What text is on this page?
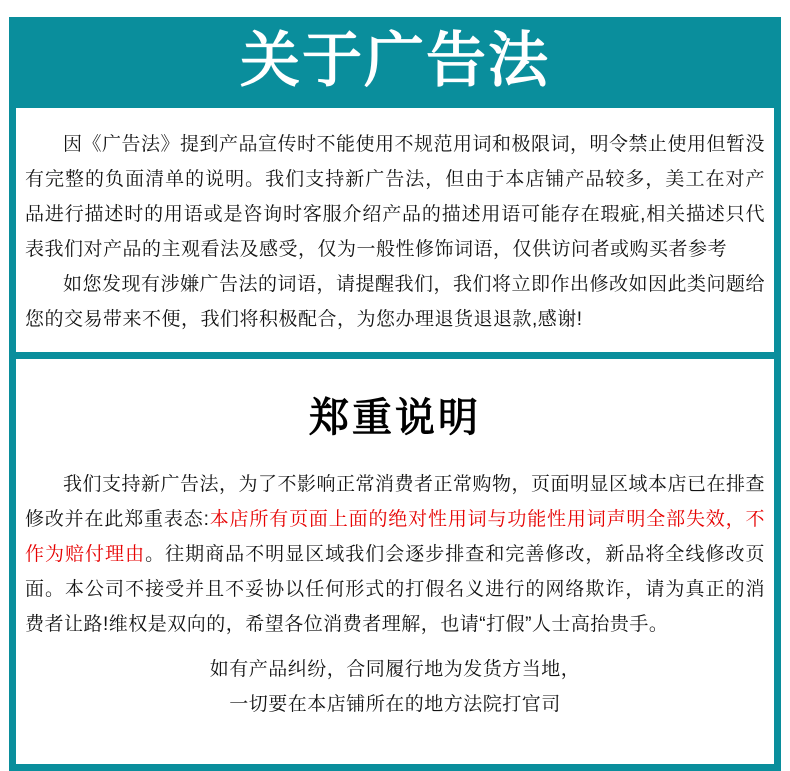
关于广告法

因《广告法》提到产品宣传时不能使用不规范用词和极限词，明令禁止使用但暂没有完整的负面清单的说明。我们支持新广告法，但由于本店铺产品较多，美工在对产品进行描述时的用语或是咨询时客服介绍产品的描述用语可能存在瑕疵,相关描述只代表我们对产品的主观看法及感受，仅为一般性修饰词语，仅供访问者或购买者参考

如您发现有涉嫌广告法的词语，请提醒我们，我们将立即作出修改如因此类问题给您的交易带来不便，我们将积极配合，为您办理退货退退款,感谢!

郑重说明

我们支持新广告法，为了不影响正常消费者正常购物，页面明显区域本店已在排查修改并在此郑重表态:本店所有页面上面的绝对性用词与功能性用词声明全部失效，不作为赔付理由。往期商品不明显区域我们会逐步排查和完善修改，新品将全线修改页面。本公司不接受并且不妥协以任何形式的打假名义进行的网络欺诈，请为真正的消费者让路!维权是双向的，希望各位消费者理解，也请“打假”人士高抬贵手。

如有产品纠纷，合同履行地为发货方当地，

一切要在本店铺所在的地方法院打官司
